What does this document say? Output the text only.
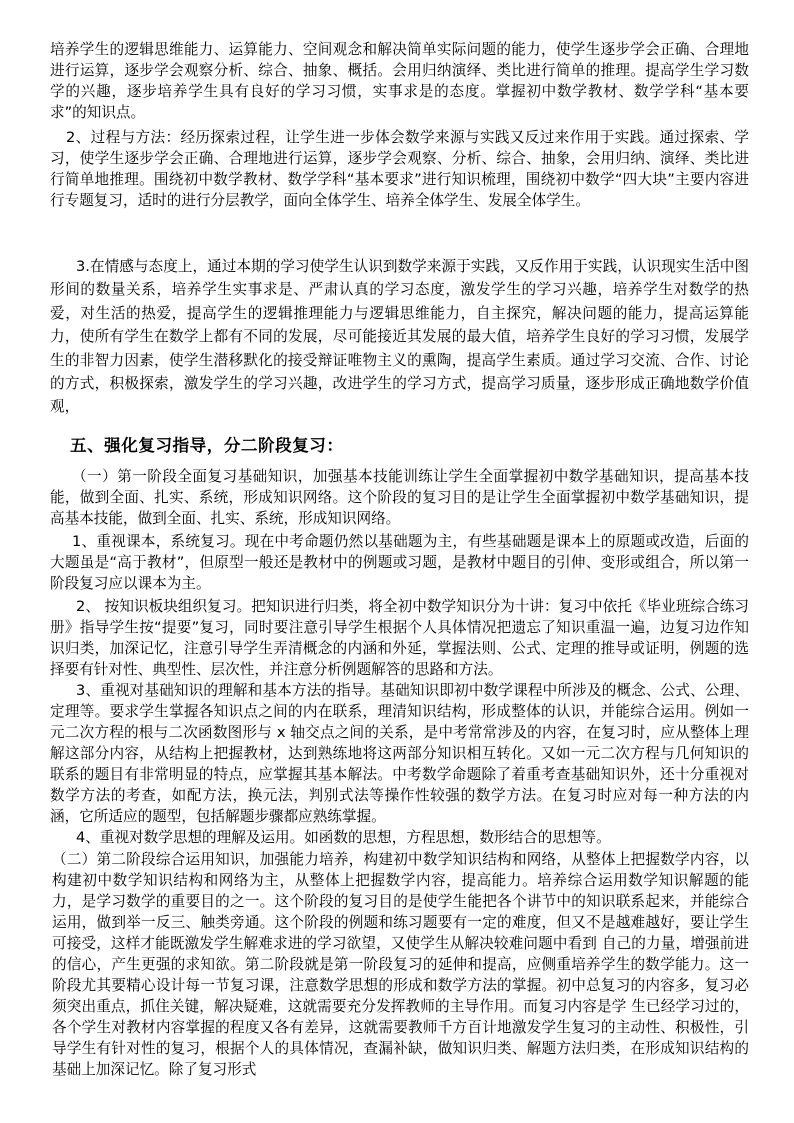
培养学生的逻辑思维能力、运算能力、空间观念和解决简单实际问题的能力，使学生逐步学会正确、合理地进行运算，逐步学会观察分析、综合、抽象、概括。会用归纳演绎、类比进行简单的推理。提高学生学习数学的兴趣，逐步培养学生具有良好的学习习惯，实事求是的态度。掌握初中数学教材、数学学科“基本要求”的知识点。

2、过程与方法：经历探索过程，让学生进一步体会数学来源与实践又反过来作用于实践。通过探索、学习，使学生逐步学会正确、合理地进行运算，逐步学会观察、分析、综合、抽象，会用归纳、演绎、类比进行简单地推理。围绕初中数学教材、数学学科“基本要求”进行知识梳理，围绕初中数学“四大块”主要内容进行专题复习，适时的进行分层教学，面向全体学生、培养全体学生、发展全体学生。

3.在情感与态度上，通过本期的学习使学生认识到数学来源于实践，又反作用于实践，认识现实生活中图形间的数量关系，培养学生实事求是、严肃认真的学习态度，激发学生的学习兴趣，培养学生对数学的热爱，对生活的热爱，提高学生的逻辑推理能力与逻辑思维能力，自主探究，解决问题的能力，提高运算能力，使所有学生在数学上都有不同的发展，尽可能接近其发展的最大值，培养学生良好的学习习惯，发展学生的非智力因素，使学生潜移默化的接受辩证唯物主义的熏陶，提高学生素质。通过学习交流、合作、讨论的方式，积极探索，激发学生的学习兴趣，改进学生的学习方式，提高学习质量，逐步形成正确地数学价值观，

五、强化复习指导，分二阶段复习：

（一）第一阶段全面复习基础知识，加强基本技能训练让学生全面掌握初中数学基础知识，提高基本技能，做到全面、扎实、系统，形成知识网络。这个阶段的复习目的是让学生全面掌握初中数学基础知识，提高基本技能，做到全面、扎实、系统，形成知识网络。

1、重视课本，系统复习。现在中考命题仍然以基础题为主，有些基础题是课本上的原题或改造，后面的大题虽是“高于教材”，但原型一般还是教材中的例题或习题，是教材中题目的引伸、变形或组合，所以第一阶段复习应以课本为主。

2、 按知识板块组织复习。把知识进行归类，将全初中数学知识分为十讲：复习中依托《毕业班综合练习册》指导学生按“提要”复习，同时要注意引导学生根据个人具体情况把遗忘了知识重温一遍，边复习边作知识归类，加深记忆，注意引导学生弄清概念的内涵和外延，掌握法则、公式、定理的推导或证明，例题的选择要有针对性、典型性、层次性，并注意分析例题解答的思路和方法。

3、重视对基础知识的理解和基本方法的指导。基础知识即初中数学课程中所涉及的概念、公式、公理、定理等。要求学生掌握各知识点之间的内在联系，理清知识结构，形成整体的认识，并能综合运用。例如一元二次方程的根与二次函数图形与 x 轴交点之间的关系，是中考常常涉及的内容，在复习时，应从整体上理解这部分内容，从结构上把握教材，达到熟练地将这两部分知识相互转化。又如一元二次方程与几何知识的联系的题目有非常明显的特点，应掌握其基本解法。中考数学命题除了着重考查基础知识外，还十分重视对数学方法的考查，如配方法，换元法，判别式法等操作性较强的数学方法。在复习时应对每一种方法的内涵，它所适应的题型，包括解题步骤都应熟练掌握。

4、重视对数学思想的理解及运用。如函数的思想，方程思想，数形结合的思想等。

（二）第二阶段综合运用知识，加强能力培养，构建初中数学知识结构和网络，从整体上把握数学内容，以构建初中数学知识结构和网络为主，从整体上把握数学内容，提高能力。培养综合运用数学知识解题的能力，是学习数学的重要目的之一。这个阶段的复习目的是使学生能把各个讲节中的知识联系起来，并能综合运用，做到举一反三、触类旁通。这个阶段的例题和练习题要有一定的难度，但又不是越难越好，要让学生可接受，这样才能既激发学生解难求进的学习欲望，又使学生从解决较难问题中看到 自己的力量，增强前进的信心，产生更强的求知欲。第二阶段就是第一阶段复习的延伸和提高，应侧重培养学生的数学能力。这一阶段尤其要精心设计每一节复习课，注意数学思想的形成和数学方法的掌握。初中总复习的内容多，复习必须突出重点，抓住关键，解决疑难，这就需要充分发挥教师的主导作用。而复习内容是学 生已经学习过的，各个学生对教材内容掌握的程度又各有差异，这就需要教师千方百计地激发学生复习的主动性、积极性，引导学生有针对性的复习，根据个人的具体情况，查漏补缺，做知识归类、解题方法归类，在形成知识结构的基础上加深记忆。除了复习形式
